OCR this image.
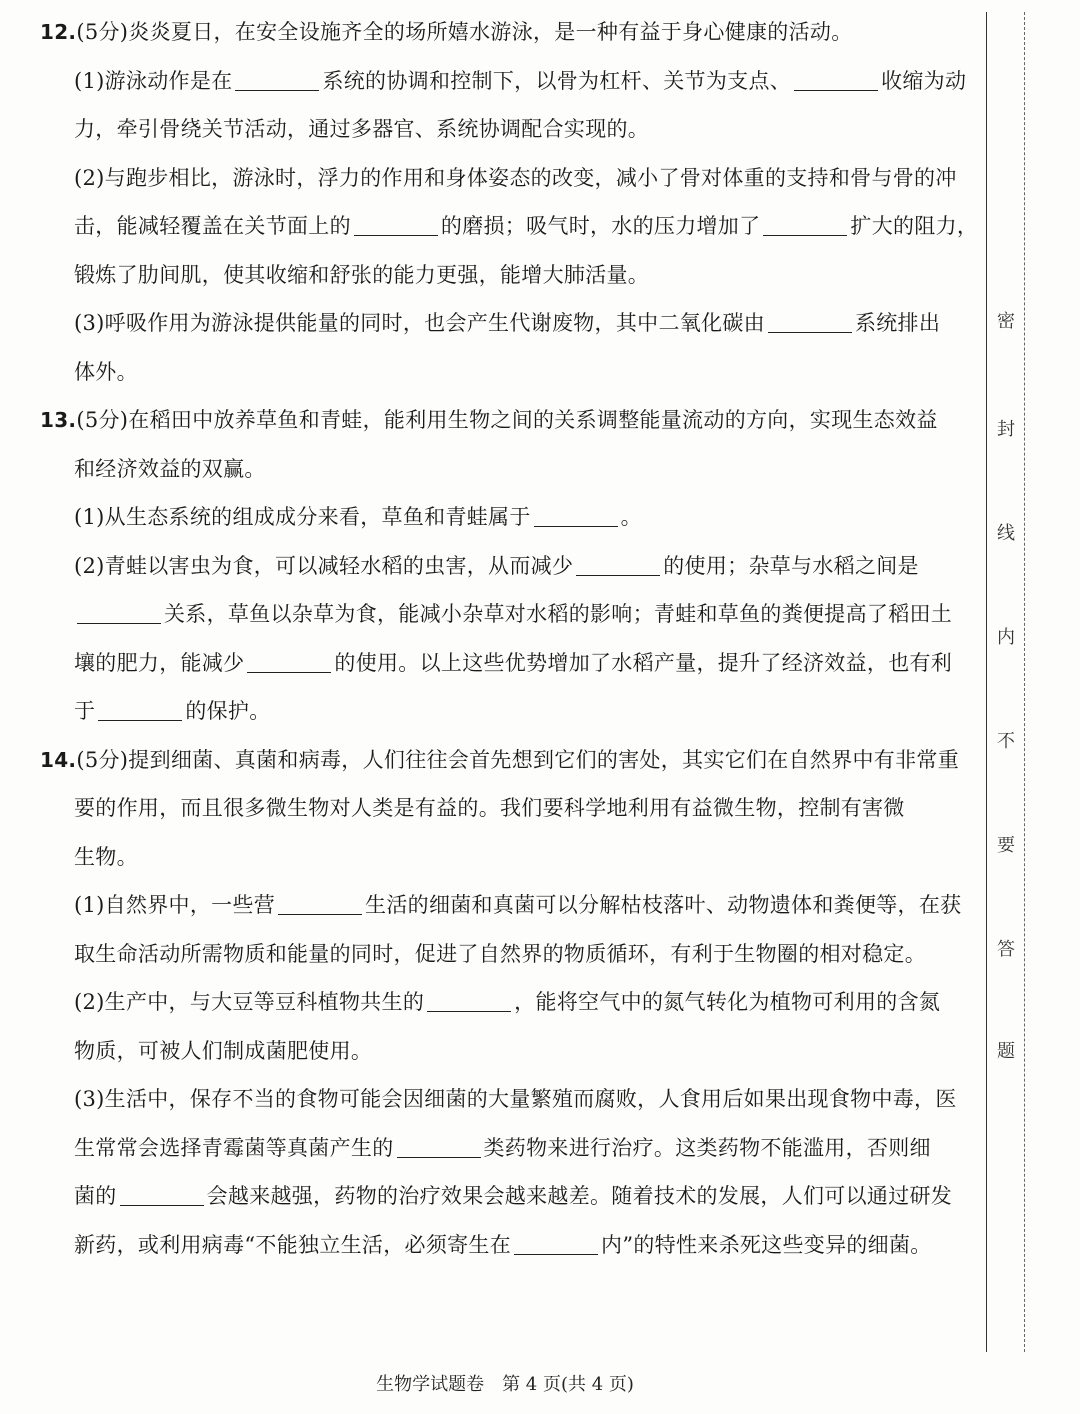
12.(5分)炎炎夏日，在安全设施齐全的场所嬉水游泳，是一种有益于身心健康的活动。
(1)游泳动作是在	系统的协调和控制下，以骨为杠杆、关节为支点、	收缩为动
力，牵引骨绕关节活动，通过多器官、系统协调配合实现的。
(2)与跑步相比，游泳时，浮力的作用和身体姿态的改变，减小了骨对体重的支持和骨与骨的冲
击，能减轻覆盖在关节面上的	的磨损；吸气时，水的压力增加了	扩大的阻力，
锻炼了肋间肌，使其收缩和舒张的能力更强，能增大肺活量。
(3)呼吸作用为游泳提供能量的同时，也会产生代谢废物，其中二氧化碳由	系统排出
体外。
13.(5分)在稻田中放养草鱼和青蛙，能利用生物之间的关系调整能量流动的方向，实现生态效益
和经济效益的双赢。
(1)从生态系统的组成成分来看，草鱼和青蛙属于	。
(2)青蛙以害虫为食，可以减轻水稻的虫害，从而减少	的使用；杂草与水稻之间是
关系，草鱼以杂草为食，能减小杂草对水稻的影响；青蛙和草鱼的粪便提高了稻田土
壤的肥力，能减少	的使用。以上这些优势增加了水稻产量，提升了经济效益，也有利
于	的保护。
14.(5分)提到细菌、真菌和病毒，人们往往会首先想到它们的害处，其实它们在自然界中有非常重
要的作用，而且很多微生物对人类是有益的。我们要科学地利用有益微生物，控制有害微
生物。
(1)自然界中，一些营	生活的细菌和真菌可以分解枯枝落叶、动物遗体和粪便等，在获
取生命活动所需物质和能量的同时，促进了自然界的物质循环，有利于生物圈的相对稳定。
(2)生产中，与大豆等豆科植物共生的	，能将空气中的氮气转化为植物可利用的含氮
物质，可被人们制成菌肥使用。
(3)生活中，保存不当的食物可能会因细菌的大量繁殖而腐败，人食用后如果出现食物中毒，医
生常常会选择青霉菌等真菌产生的	类药物来进行治疗。这类药物不能滥用，否则细
菌的	会越来越强，药物的治疗效果会越来越差。随着技术的发展，人们可以通过研发
新药，或利用病毒“不能独立生活，必须寄生在	内”的特性来杀死这些变异的细菌。
密
封
线
内
不
要
答
题
生物学试题卷　第 4 页(共 4 页)
